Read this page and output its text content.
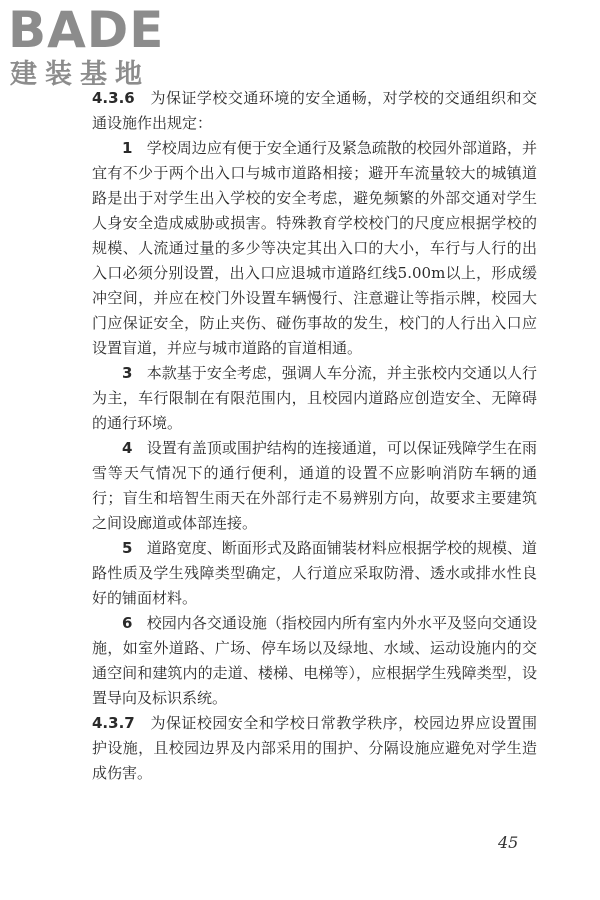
BADE
建装基地

4.3.6 为保证学校交通环境的安全通畅，对学校的交通组织和交通设施作出规定：

1 学校周边应有便于安全通行及紧急疏散的校园外部道路，并宜有不少于两个出入口与城市道路相接；避开车流量较大的城镇道路是出于对学生出入学校的安全考虑，避免频繁的外部交通对学生人身安全造成威胁或损害。特殊教育学校校门的尺度应根据学校的规模、人流通过量的多少等决定其出入口的大小，车行与人行的出入口必须分别设置，出入口应退城市道路红线5.00m以上，形成缓冲空间，并应在校门外设置车辆慢行、注意避让等指示牌，校园大门应保证安全，防止夹伤、碰伤事故的发生，校门的人行出入口应设置盲道，并应与城市道路的盲道相通。

3 本款基于安全考虑，强调人车分流，并主张校内交通以人行为主，车行限制在有限范围内，且校园内道路应创造安全、无障碍的通行环境。

4 设置有盖顶或围护结构的连接通道，可以保证残障学生在雨雪等天气情况下的通行便利，通道的设置不应影响消防车辆的通行；盲生和培智生雨天在外部行走不易辨别方向，故要求主要建筑之间设廊道或体部连接。

5 道路宽度、断面形式及路面铺装材料应根据学校的规模、道路性质及学生残障类型确定，人行道应采取防滑、透水或排水性良好的铺面材料。

6 校园内各交通设施（指校园内所有室内外水平及竖向交通设施，如室外道路、广场、停车场以及绿地、水域、运动设施内的交通空间和建筑内的走道、楼梯、电梯等），应根据学生残障类型，设置导向及标识系统。

4.3.7 为保证校园安全和学校日常教学秩序，校园边界应设置围护设施，且校园边界及内部采用的围护、分隔设施应避免对学生造成伤害。

45
